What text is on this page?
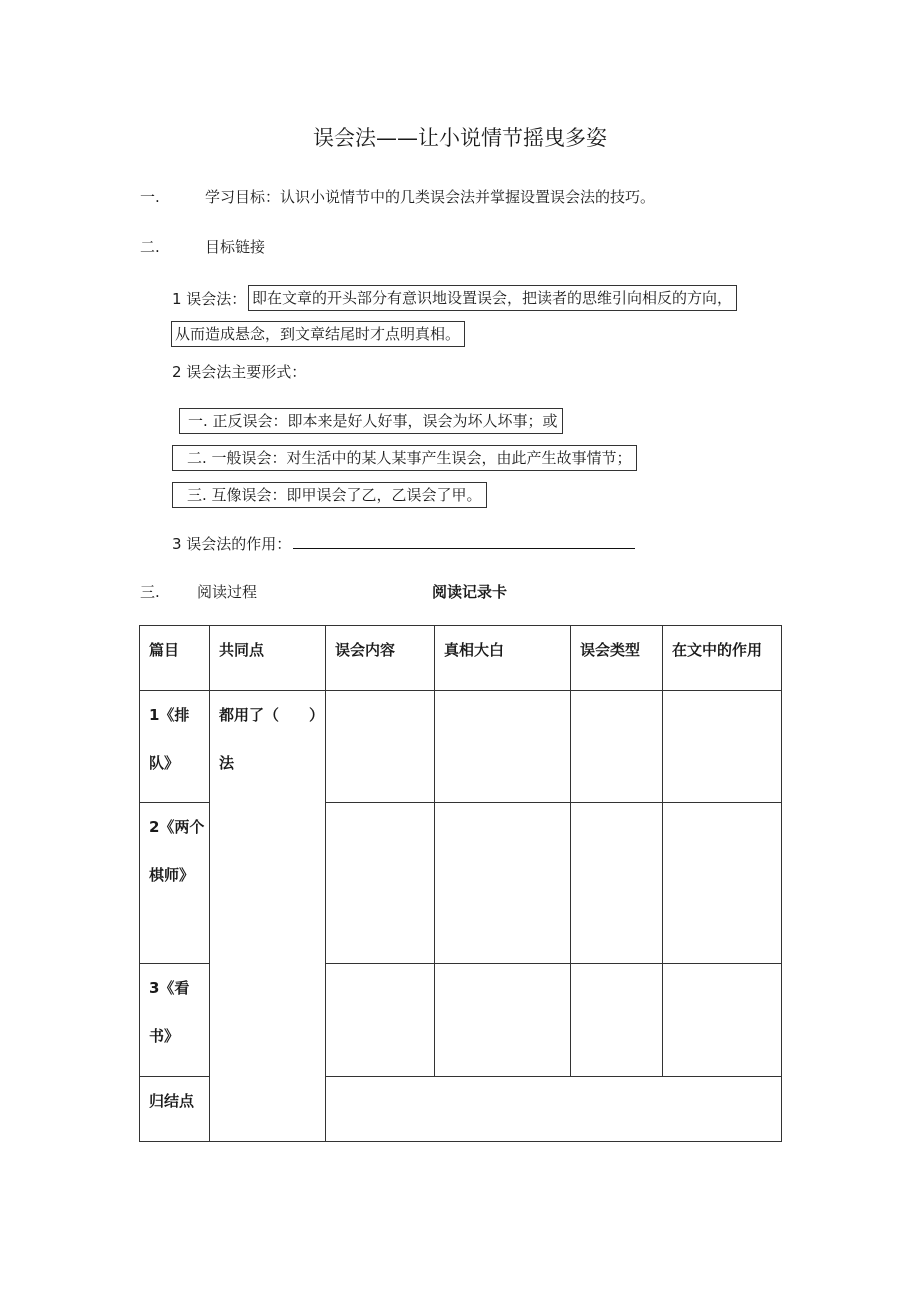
误会法——让小说情节摇曳多姿
一.	学习目标：认识小说情节中的几类误会法并掌握设置误会法的技巧。
二.	目标链接
1 误会法： 即在文章的开头部分有意识地设置误会，把读者的思维引向相反的方向，
从而造成悬念，到文章结尾时才点明真相。
2 误会法主要形式：
一. 正反误会：即本来是好人好事，误会为坏人坏事；或
二. 一般误会：对生活中的某人某事产生误会，由此产生故事情节；
三. 互像误会：即甲误会了乙，乙误会了甲。
3 误会法的作用：
三. 阅读过程	阅读记录卡
篇目	共同点	误会内容	真相大白	误会类型	在文中的作用
1《排队》	都用了（　　）法				
2《两个棋师》					
3《看书》					
归结点					
